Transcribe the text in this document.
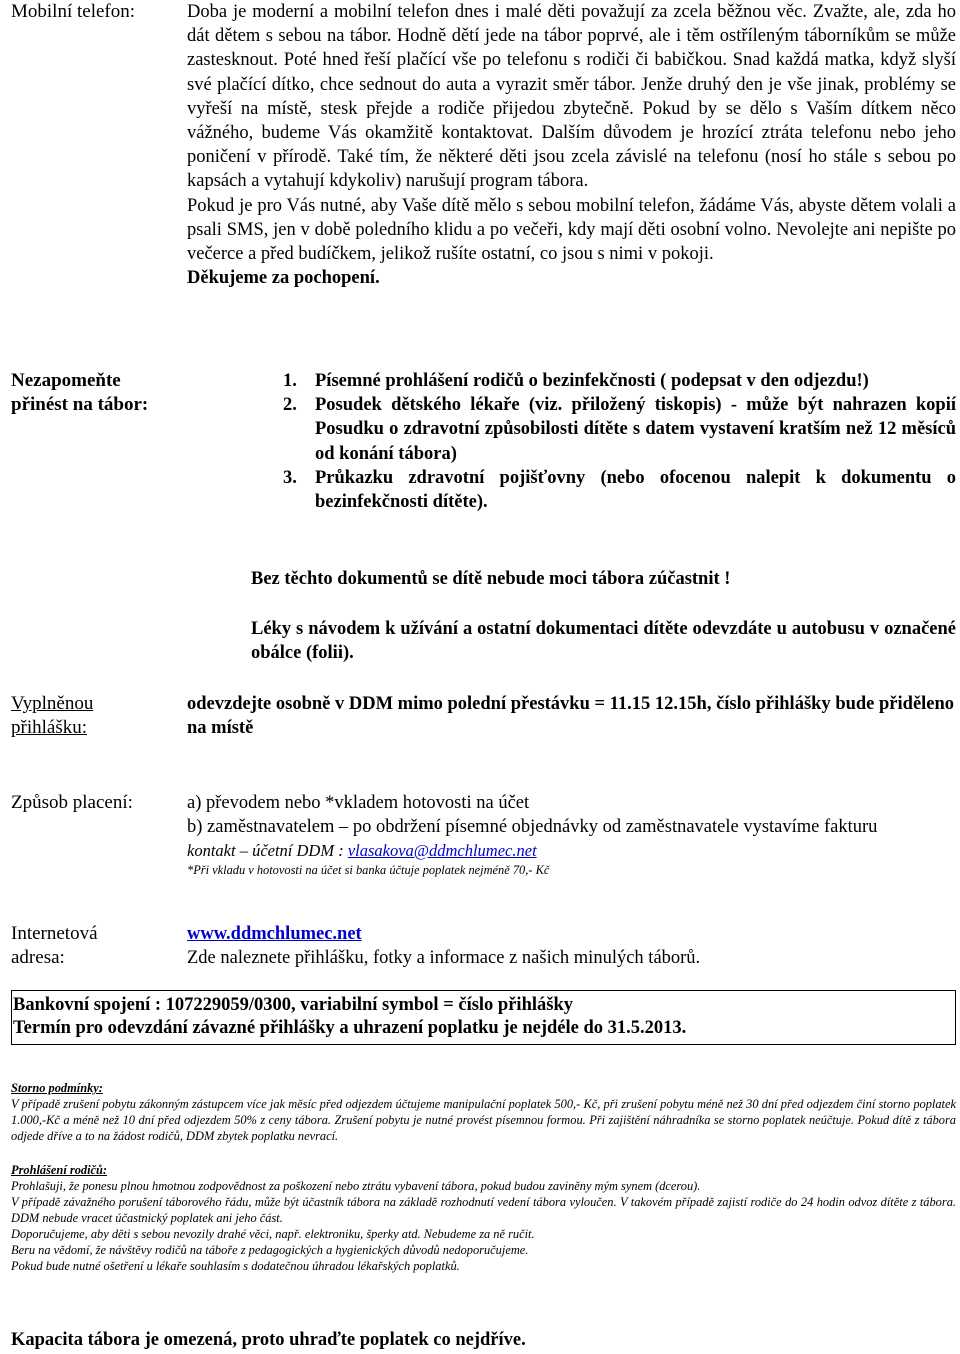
Mobilní telefon:	Doba je moderní a mobilní telefon dnes i malé děti považují za zcela běžnou věc. Zvažte, ale, zda ho dát dětem s sebou na tábor. Hodně dětí jede na tábor poprvé, ale i těm ostříleným táborníkům se může zastesknout. Poté hned řeší plačící vše po telefonu s rodiči či babičkou. Snad každá matka, když slyší své plačící dítko, chce sednout do auta a vyrazit směr tábor. Jenže druhý den je vše jinak, problémy se vyřeší na místě, stesk přejde a rodiče přijedou zbytečně. Pokud by se dělo s Vaším dítkem něco vážného, budeme Vás okamžitě kontaktovat. Dalším důvodem je hrozící ztráta telefonu nebo jeho poničení v přírodě. Také tím, že některé děti jsou zcela závislé na telefonu (nosí ho stále s sebou po kapsách a vytahují kdykoliv) narušují program tábora.
Pokud je pro Vás nutné, aby Vaše dítě mělo s sebou mobilní telefon, žádáme Vás, abyste dětem volali a psali SMS, jen v době poledního klidu a po večeři, kdy mají děti osobní volno. Nevolejte ani nepište po večerce a před budíčkem, jelikož rušíte ostatní, co jsou s nimi v pokoji.
Děkujeme za pochopení.
Nezapomeňte
přinést na tábor:
1. Písemné prohlášení rodičů o bezinfekčnosti ( podepsat v den odjezdu!)
2. Posudek dětského lékaře (viz. přiložený tiskopis) - může být nahrazen kopií Posudku o zdravotní způsobilosti dítěte s datem vystavení kratším než 12 měsíců od konání tábora)
3. Průkazku zdravotní pojišťovny (nebo ofocenou nalepit k dokumentu o bezinfekčnosti dítěte).
Bez těchto dokumentů se dítě nebude moci tábora zúčastnit !
Léky s návodem k užívání a ostatní dokumentaci dítěte odevzdáte u autobusu v označené obálce (folii).
Vyplněnou
přihlášku:
odevzdejte osobně v DDM mimo polední přestávku = 11.15 12.15h, číslo přihlášky bude přiděleno na místě
Způsob placení:	a) převodem nebo *vkladem hotovosti na účet
b) zaměstnavatelem – po obdržení písemné objednávky od zaměstnavatele vystavíme fakturu
kontakt – účetní DDM : vlasakova@ddmchlumec.net
*Při vkladu v hotovosti na účet si banka účtuje poplatek nejméně 70,- Kč
Internetová
adresa:
www.ddmchlumec.net
Zde naleznete přihlášku, fotky a informace z našich minulých táborů.
Bankovní spojení : 107229059/0300, variabilní symbol = číslo přihlášky
Termín pro odevzdání závazné přihlášky a uhrazení poplatku je nejdéle do 31.5.2013.
Storno podmínky:
V případě zrušení pobytu zákonným zástupcem více jak měsíc před odjezdem účtujeme manipulační poplatek 500,- Kč, při zrušení pobytu méně než 30 dní před odjezdem činí storno poplatek 1.000,-Kč a méně než 10 dní před odjezdem 50% z ceny tábora. Zrušení pobytu je nutné provést písemnou formou. Při zajištění náhradníka se storno poplatek neúčtuje. Pokud dítě z tábora odjede dříve a to na žádost rodičů, DDM zbytek poplatku nevrací.
Prohlášení rodičů:
Prohlašuji, že ponesu plnou hmotnou zodpovědnost za poškození nebo ztrátu vybavení tábora, pokud budou zaviněny mým synem (dcerou).
V případě závažného porušení táborového řádu, může být účastník tábora na základě rozhodnutí vedení tábora vyloučen. V takovém případě zajistí rodiče do 24 hodin odvoz dítěte z tábora. DDM nebude vracet účastnický poplatek ani jeho část.
Doporučujeme, aby děti s sebou nevozily drahé věci, např. elektroniku, šperky atd. Nebudeme za ně ručit.
Beru na vědomí, že návštěvy rodičů na táboře z pedagogických a hygienických důvodů nedoporučujeme.
Pokud bude nutné ošetření u lékaře souhlasím s dodatečnou úhradou lékařských poplatků.
Kapacita tábora je omezená, proto uhraďte poplatek co nejdříve.
